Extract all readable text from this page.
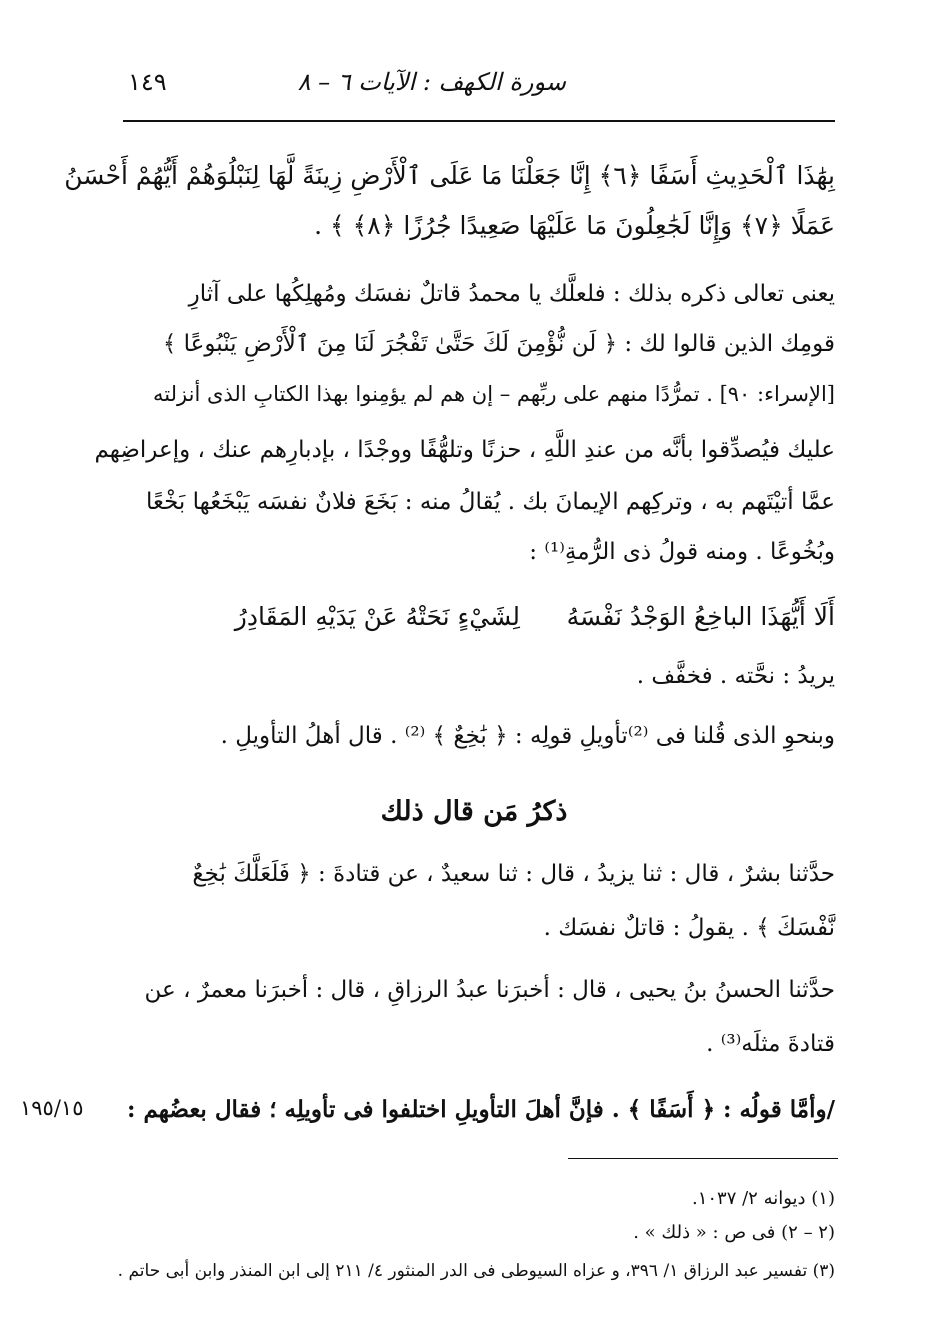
سورة الكهف : الآيات ٦ – ٨
١٤٩
بِهَٰذَا ٱلْحَدِيثِ أَسَفًا ﴿٦﴾ إِنَّا جَعَلْنَا مَا عَلَى ٱلْأَرْضِ زِينَةً لَّهَا لِنَبْلُوَهُمْ أَيُّهُمْ أَحْسَنُ
عَمَلًا ﴿٧﴾ وَإِنَّا لَجَٰعِلُونَ مَا عَلَيْهَا صَعِيدًا جُرُزًا ﴿٨﴾ ﴾ .
يعنى تعالى ذكره بذلك : فلعلَّك يا محمدُ قاتلٌ نفسَك ومُهلِكُها على آثارِ
قومِك الذين قالوا لك : ﴿ لَن نُّؤْمِنَ لَكَ حَتَّىٰ تَفْجُرَ لَنَا مِنَ ٱلْأَرْضِ يَنْبُوعًا ﴾
[الإسراء: ٩٠] . تمرُّدًا منهم على ربِّهم – إن هم لم يؤمِنوا بهذا الكتابِ الذى أنزلته
عليك فيُصدِّقوا بأنَّه من عندِ اللَّهِ ، حزنًا وتلهُّفًا ووجْدًا ، بإدبارِهم عنك ، وإعراضِهم
عمَّا أتيْتَهم به ، وتركِهم الإيمانَ بك . يُقالُ منه : بَخَعَ فلانٌ نفسَه يَبْخَعُها بَخْعًا
وبُخُوعًا . ومنه قولُ ذى الرُّمةِ⁽¹⁾ :
أَلَا أَيُّهَذَا الباخِعُ الوَجْدُ نَفْسَهُ
لِشَيْءٍ نَحَتْهُ عَنْ يَدَيْهِ المَقَادِرُ
يريدُ : نحَّته . فخفَّف .
وبنحوِ الذى قُلنا فى ⁽²⁾تأويلِ قولِه : ﴿ بَٰخِعٌ ﴾ ⁽²⁾ . قال أهلُ التأويلِ .
ذكرُ مَن قال ذلك
حدَّثنا بشرٌ ، قال : ثنا يزيدُ ، قال : ثنا سعيدٌ ، عن قتادةَ : ﴿ فَلَعَلَّكَ بَٰخِعٌ
نَّفْسَكَ ﴾ . يقولُ : قاتلٌ نفسَك .
حدَّثنا الحسنُ بنُ يحيى ، قال : أخبرَنا عبدُ الرزاقِ ، قال : أخبرَنا معمرٌ ، عن
قتادةَ مثلَه⁽³⁾ .
/وأمَّا قولُه : ﴿ أَسَفًا ﴾ . فإنَّ أهلَ التأويلِ اختلفوا فى تأويلِه ؛ فقال بعضُهم :
١٩٥/١٥
(١) ديوانه ٢/ ١٠٣٧.
(٢ – ٢) فى ص : « ذلك » .
(٣) تفسير عبد الرزاق ١/ ٣٩٦، و عزاه السيوطى فى الدر المنثور ٤/ ٢١١ إلى ابن المنذر وابن أبى حاتم .
